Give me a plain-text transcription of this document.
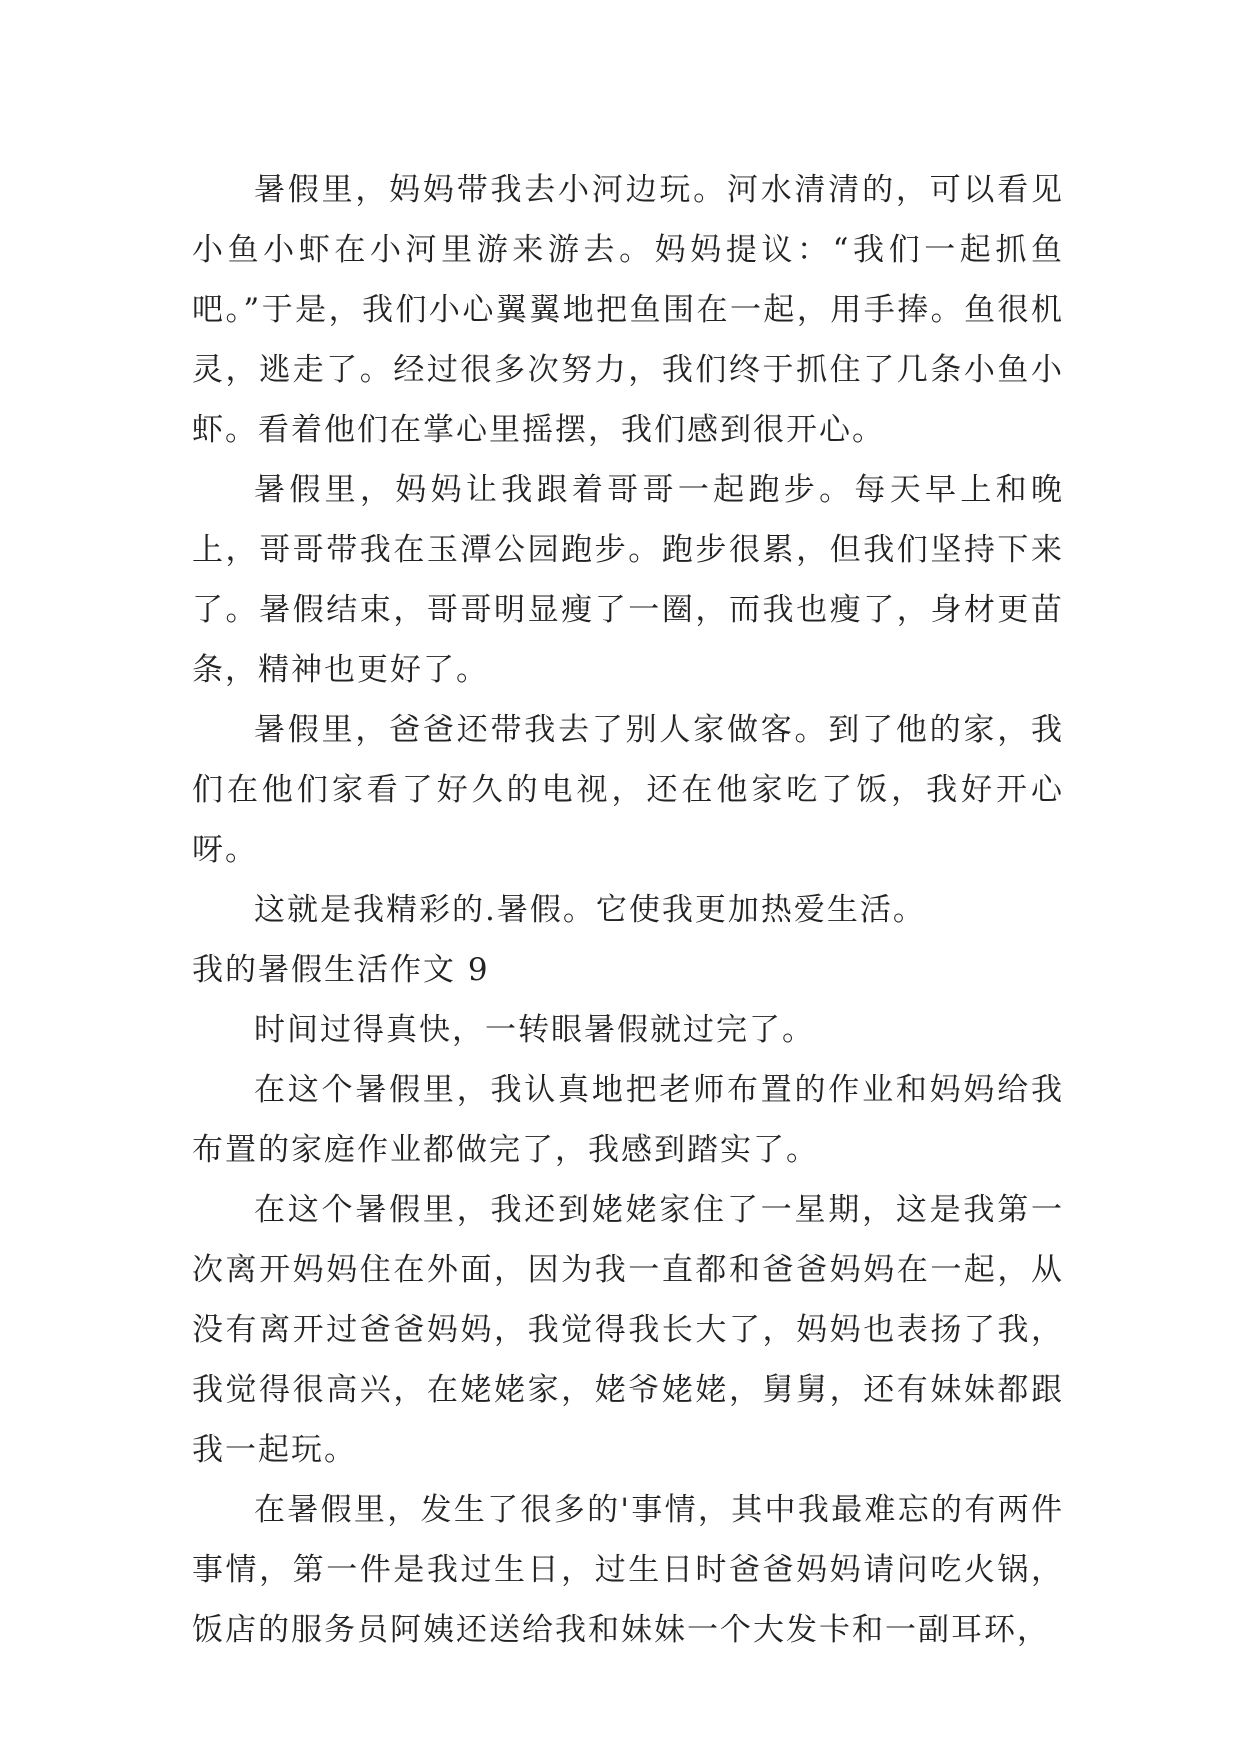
暑假里，妈妈带我去小河边玩。河水清清的，可以看见小鱼小虾在小河里游来游去。妈妈提议：“我们一起抓鱼吧。”于是，我们小心翼翼地把鱼围在一起，用手捧。鱼很机灵，逃走了。经过很多次努力，我们终于抓住了几条小鱼小虾。看着他们在掌心里摇摆，我们感到很开心。

暑假里，妈妈让我跟着哥哥一起跑步。每天早上和晚上，哥哥带我在玉潭公园跑步。跑步很累，但我们坚持下来了。暑假结束，哥哥明显瘦了一圈，而我也瘦了，身材更苗条，精神也更好了。

暑假里，爸爸还带我去了别人家做客。到了他的家，我们在他们家看了好久的电视，还在他家吃了饭，我好开心呀。

这就是我精彩的.暑假。它使我更加热爱生活。

我的暑假生活作文 9

时间过得真快，一转眼暑假就过完了。

在这个暑假里，我认真地把老师布置的作业和妈妈给我布置的家庭作业都做完了，我感到踏实了。

在这个暑假里，我还到姥姥家住了一星期，这是我第一次离开妈妈住在外面，因为我一直都和爸爸妈妈在一起，从没有离开过爸爸妈妈，我觉得我长大了，妈妈也表扬了我，我觉得很高兴，在姥姥家，姥爷姥姥，舅舅，还有妹妹都跟我一起玩。

在暑假里，发生了很多的'事情，其中我最难忘的有两件事情，第一件是我过生日，过生日时爸爸妈妈请问吃火锅，饭店的服务员阿姨还送给我和妹妹一个大发卡和一副耳环，
